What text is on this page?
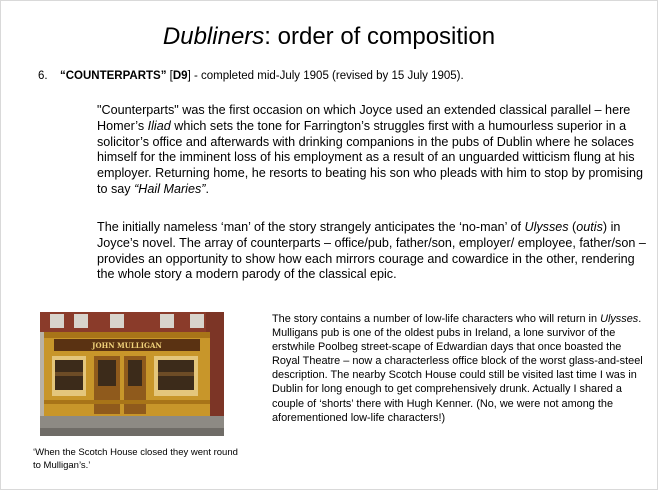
Dubliners: order of composition
6. “COUNTERPARTS” [D9] - completed mid-July 1905 (revised by 15 July 1905).

"Counterparts" was the first occasion on which Joyce used an extended classical parallel – here Homer’s Iliad which sets the tone for Farrington’s struggles first with a humourless superior in a solicitor’s office and afterwards with drinking companions in the pubs of Dublin where he solaces himself for the imminent loss of his employment as a result of an unguarded witticism flung at his employer. Returning home, he resorts to beating his son who pleads with him to stop by promising to say “Hail Maries”.

The initially nameless ‘man’ of the story strangely anticipates the ‘no-man’ of Ulysses (outis) in Joyce’s novel. The array of counterparts – office/pub, father/son, employer/ employee, father/son – provides an opportunity to show how each mirrors courage and cowardice in the other, rendering the whole story a modern parody of the classical epic.

JOHN MULLIGAN
‘When the Scotch House closed they went round to Mulligan’s.’

The story contains a number of low-life characters who will return in Ulysses. Mulligans pub is one of the oldest pubs in Ireland, a lone survivor of the erstwhile Poolbeg street-scape of Edwardian days that once boasted the Royal Theatre – now a characterless office block of the worst glass-and-steel description. The nearby Scotch House could still be visited last time I was in Dublin for long enough to get comprehensively drunk. Actually I shared a couple of ‘shorts’ there with Hugh Kenner. (No, we were not among the aforementioned low-life characters!)
